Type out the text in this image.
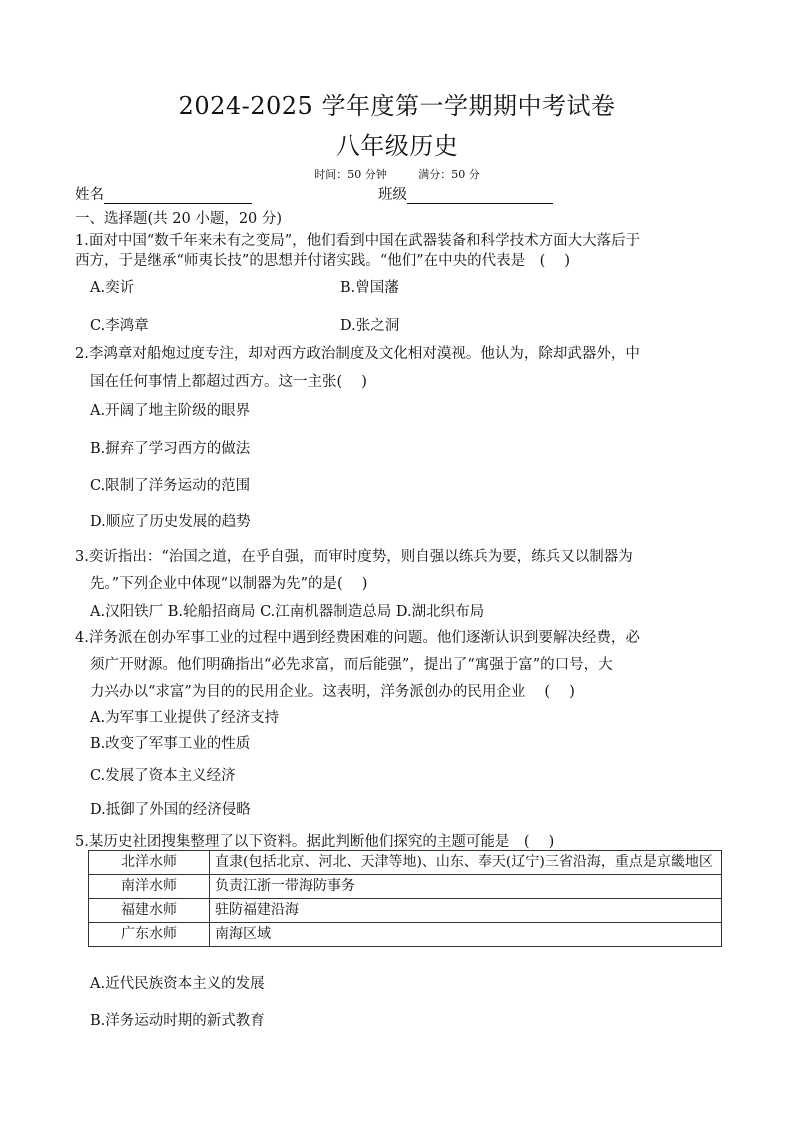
2024-2025 学年度第一学期期中考试卷
八年级历史
时间：50 分钟	满分：50 分
姓名	班级
一、选择题(共 20 小题，20 分)
1.面对中国“数千年来未有之变局”，他们看到中国在武器装备和科学技术方面大大落后于
西方，于是继承“师夷长技”的思想并付诸实践。“他们”在中央的代表是　(　 )
A.奕䜣	B.曾国藩
C.李鸿章	D.张之洞
2.李鸿章对船炮过度专注，却对西方政治制度及文化相对漠视。他认为，除却武器外，中
国在任何事情上都超过西方。这一主张(　 )
A.开阔了地主阶级的眼界
B.摒弃了学习西方的做法
C.限制了洋务运动的范围
D.顺应了历史发展的趋势
3.奕䜣指出：“治国之道，在乎自强，而审时度势，则自强以练兵为要，练兵又以制器为
先。”下列企业中体现“以制器为先”的是(　 )
A.汉阳铁厂 B.轮船招商局 C.江南机器制造总局 D.湖北织布局
4.洋务派在创办军事工业的过程中遇到经费困难的问题。他们逐渐认识到要解决经费，必
须广开财源。他们明确指出“必先求富，而后能强”，提出了“寓强于富”的口号，大
力兴办以“求富”为目的的民用企业。这表明，洋务派创办的民用企业　 (　 )
A.为军事工业提供了经济支持
B.改变了军事工业的性质
C.发展了资本主义经济
D.抵御了外国的经济侵略
5.某历史社团搜集整理了以下资料。据此判断他们探究的主题可能是　(　 )
北洋水师	直隶(包括北京、河北、天津等地)、山东、奉天(辽宁)三省沿海，重点是京畿地区
南洋水师	负责江浙一带海防事务
福建水师	驻防福建沿海
广东水师	南海区域
A.近代民族资本主义的发展
B.洋务运动时期的新式教育
